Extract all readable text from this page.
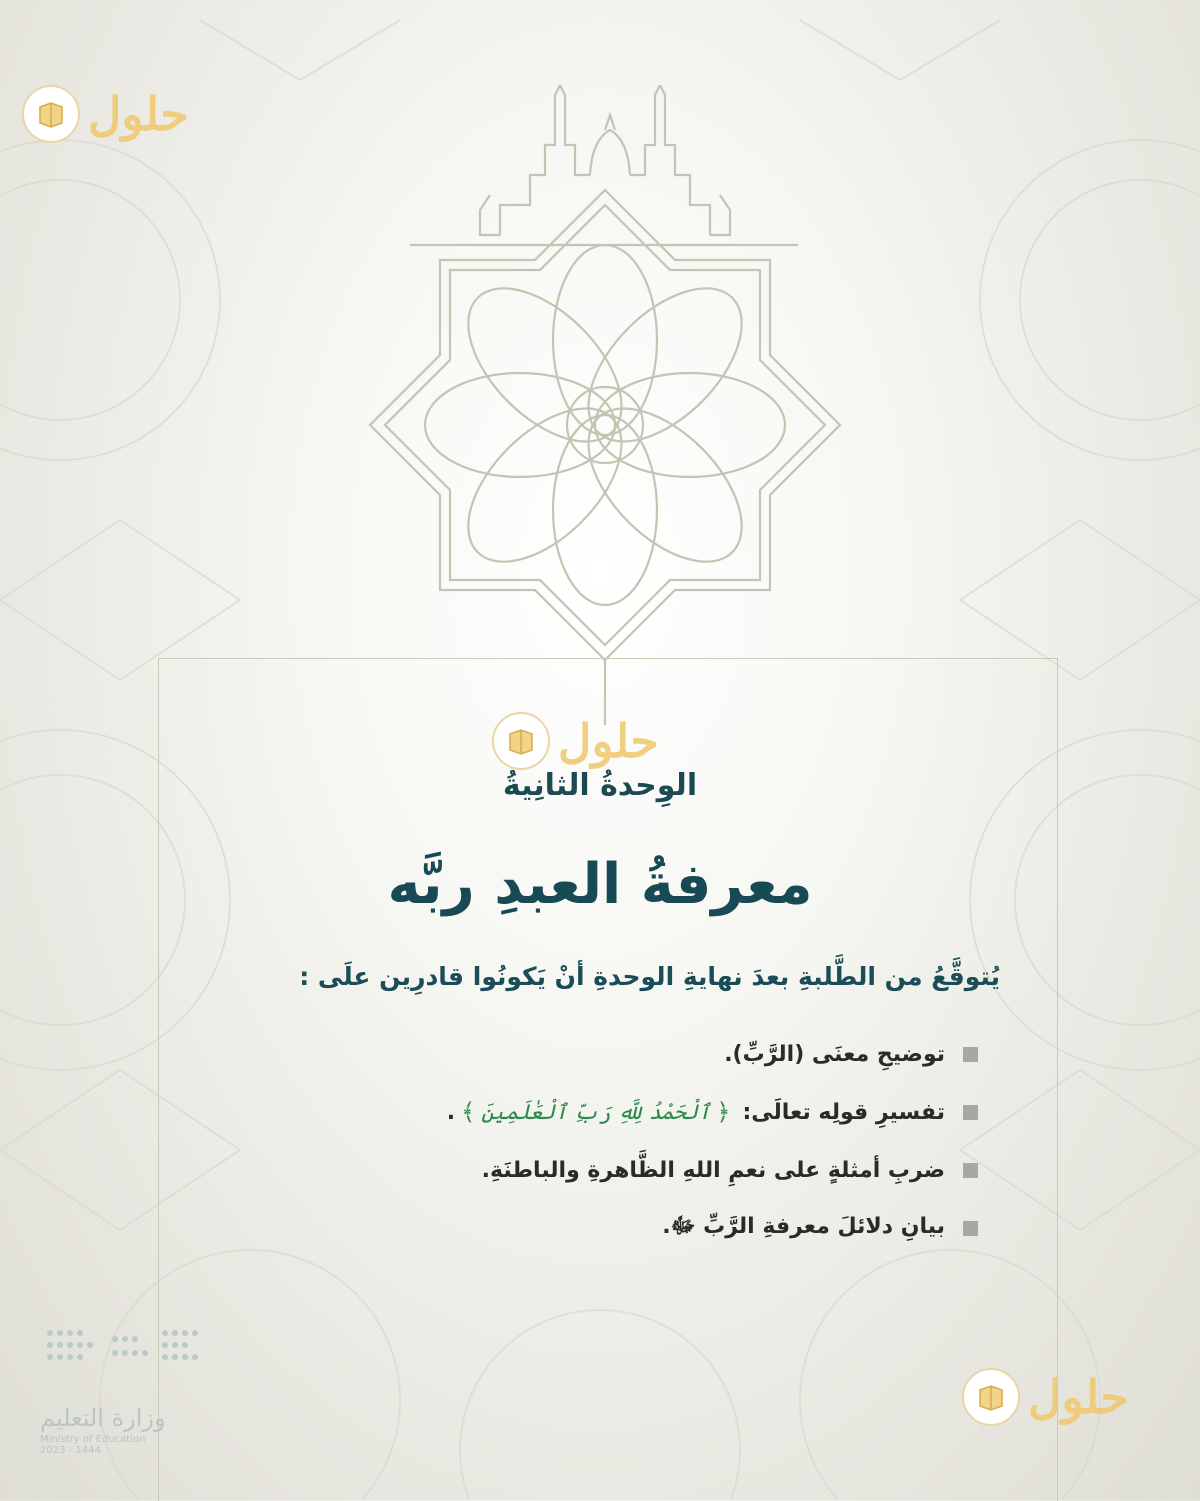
حلول
حلول
حلول
الوِحدةُ الثانِيةُ
معرفةُ العبدِ ربَّه
يُتوقَّعُ من الطَّلبةِ بعدَ نهايةِ الوحدةِ أنْ يَكونُوا قادرِين علَى :
توضيحِ معنَى (الرَّبِّ).
تفسيرِ قولِه تعالَى:
﴿
ٱلْحَمْدُ لِلَّهِ رَبِّ ٱلْعَٰلَمِينَ
﴾
.
ضربِ أمثلةٍ على نعمِ اللهِ الظَّاهرةِ والباطنَةِ.
بيانِ دلائلَ معرفةِ الرَّبِّ ﷻ.
وزارة التعليم
Ministry of Education
2023 - 1444
